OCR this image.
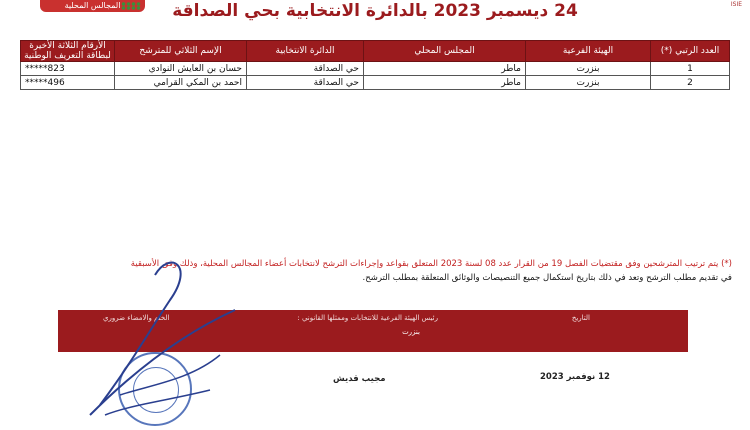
المجالس المحلية	ISIE
24 ديسمبر 2023 بالدائرة الانتخابية بحي الصداقة
العدد الرتبي (*)	الهيئة الفرعية	المجلس المحلي	الدائرة الانتخابية	الإسم الثلاثي للمترشح	الأرقام الثلاثة الأخيرة لبطاقة التعريف الوطنية
1	بنزرت	ماطر	حي الصداقة	حسان بن العايش النوادي	*****823
2	بنزرت	ماطر	حي الصداقة	احمد بن المكي القرامي	*****496
(*) يتم ترتيب المترشحين وفق مقتضيات الفصل 19 من القرار عدد 08 لسنة 2023 المتعلق بقواعد وإجراءات الترشح لانتخابات أعضاء المجالس المحلية، وذلك وفق الأسبقية
في تقديم مطلب الترشح وتعد في ذلك بتاريخ استكمال جميع التنصيصات والوثائق المتعلقة بمطلب الترشح.
التاريخ
رئيس الهيئة الفرعية للانتخابات وممثلها القانوني :
بنزرت
الختم والامضاء ضروري
مجيب قديش	12 نوفمبر 2023
